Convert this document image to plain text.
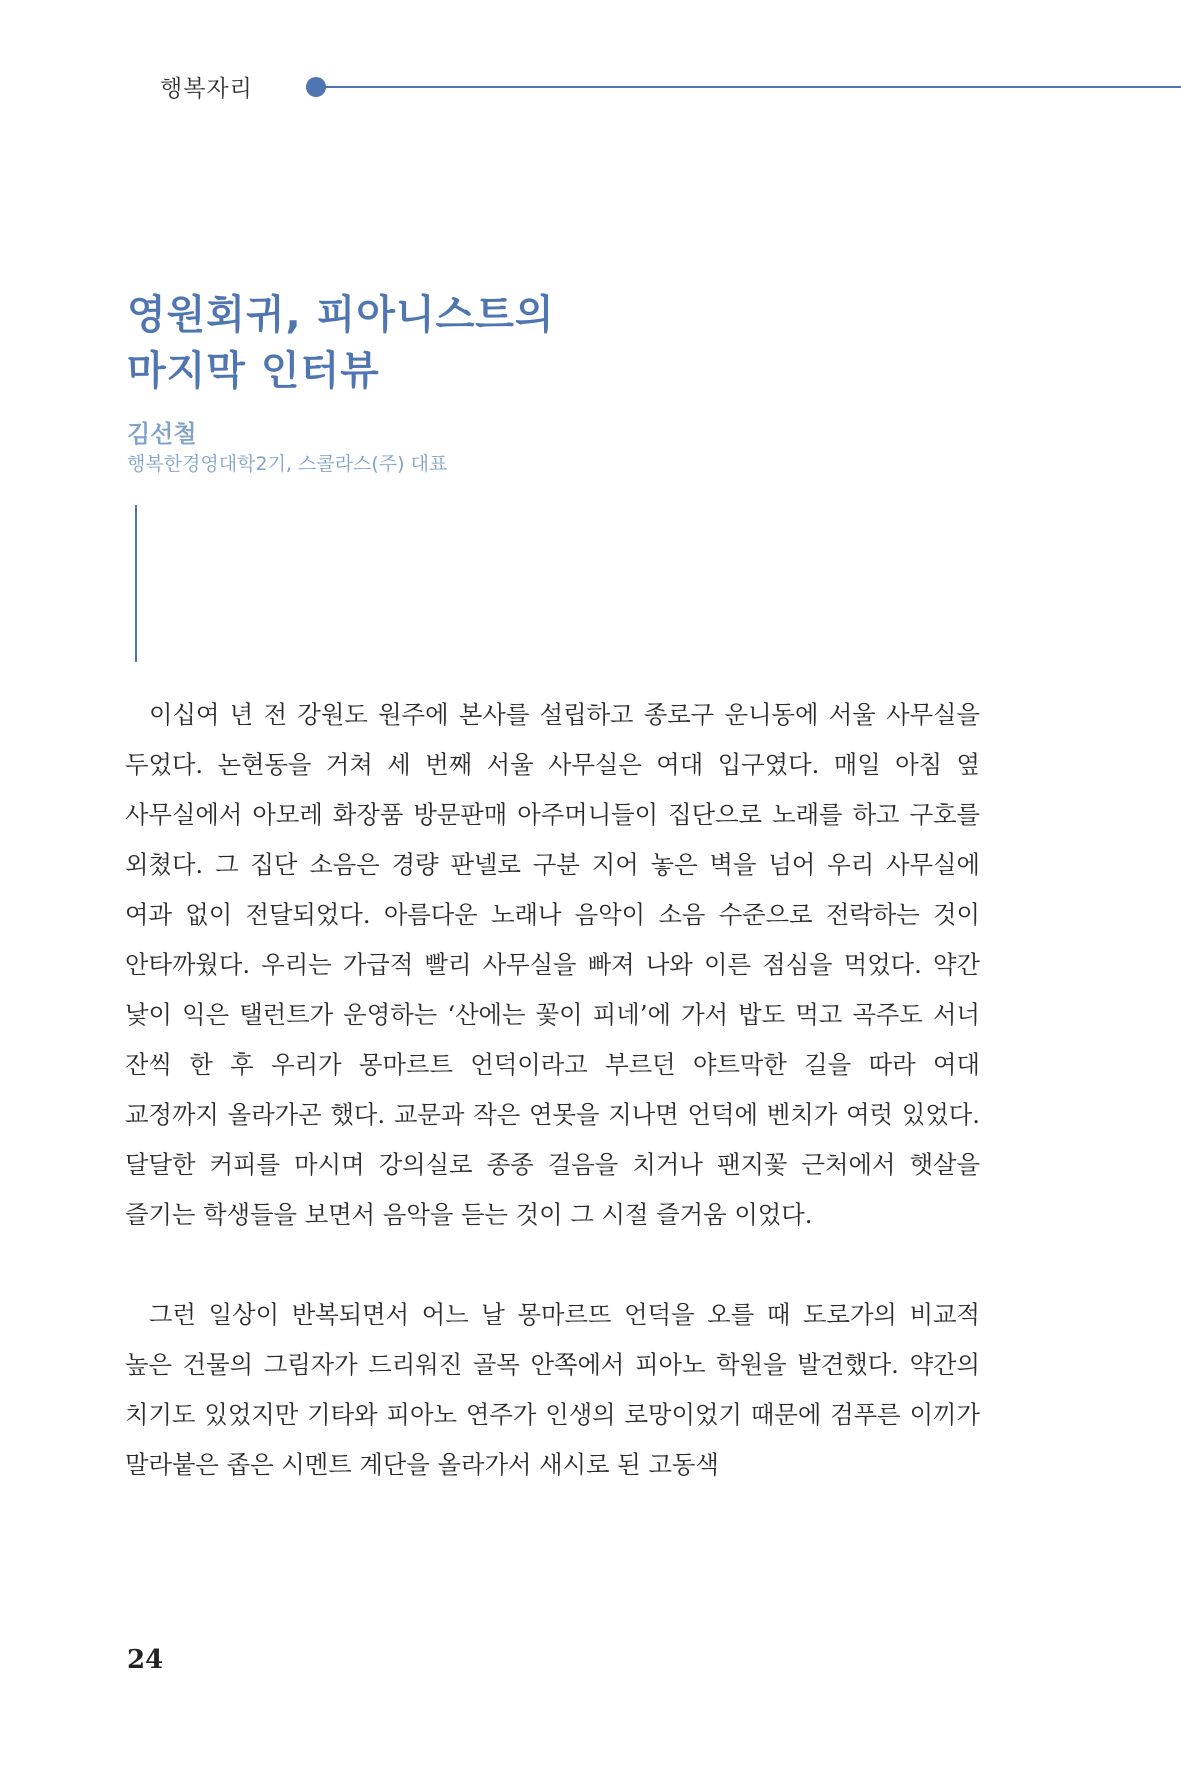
행복자리
영원회귀, 피아니스트의
마지막 인터뷰
김선철
행복한경영대학2기, 스콜라스(주) 대표

이십여 년 전 강원도 원주에 본사를 설립하고 종로구 운니동에 서울 사무실을 두었다. 논현동을 거쳐 세 번째 서울 사무실은 여대 입구였다. 매일 아침 옆 사무실에서 아모레 화장품 방문판매 아주머니들이 집단으로 노래를 하고 구호를 외쳤다. 그 집단 소음은 경량 판넬로 구분 지어 놓은 벽을 넘어 우리 사무실에 여과 없이 전달되었다. 아름다운 노래나 음악이 소음 수준으로 전락하는 것이 안타까웠다. 우리는 가급적 빨리 사무실을 빠져 나와 이른 점심을 먹었다. 약간 낯이 익은 탤런트가 운영하는 ‘산에는 꽃이 피네’에 가서 밥도 먹고 곡주도 서너 잔씩 한 후 우리가 몽마르트 언덕이라고 부르던 야트막한 길을 따라 여대 교정까지 올라가곤 했다. 교문과 작은 연못을 지나면 언덕에 벤치가 여럿 있었다. 달달한 커피를 마시며 강의실로 종종 걸음을 치거나 팬지꽃 근처에서 햇살을 즐기는 학생들을 보면서 음악을 듣는 것이 그 시절 즐거움 이었다.

그런 일상이 반복되면서 어느 날 몽마르뜨 언덕을 오를 때 도로가의 비교적 높은 건물의 그림자가 드리워진 골목 안쪽에서 피아노 학원을 발견했다. 약간의 치기도 있었지만 기타와 피아노 연주가 인생의 로망이었기 때문에 검푸른 이끼가 말라붙은 좁은 시멘트 계단을 올라가서 새시로 된 고동색

24
